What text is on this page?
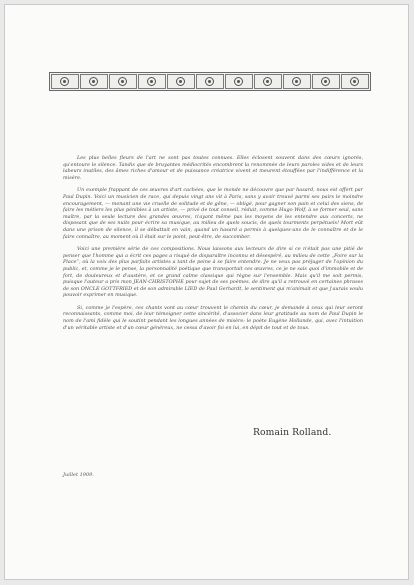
Les plus belles fleurs de l'art ne sont pas toutes connues. Elles éclosent souvent dans des cœurs ignorés, qu'entoure le silence. Tandis que de bruyantes médiocrités encombrent la renommée de leurs paroles vides et de leurs labeurs inutiles, des âmes riches d'amour et de puissance créatrice vivent et meurent étouffées par l'indifférence et la misère.

Un exemple frappant de ces œuvres d'art cachées, que le monde ne découvre que par hasard, nous est offert par Paul Dupin. Voici un musicien de race, qui depuis vingt ans vit à Paris, sans y avoir trouvé parmi ses pairs le moindre encouragement, — menant une vie cruelle de solitude et de gêne, — obligé, pour gagner son pain et celui des siens, de faire les métiers les plus pénibles à un artiste, — privé de tout conseil, réduit, comme Hugo Wolf, à se former seul, sans maître, par la seule lecture des grandes œuvres, n'ayant même pas les moyens de les entendre aux concerts, ne disposant que de ses nuits pour écrire sa musique, au milieu de quels soucis, de quels tourments perpétuels! Mort eût dans une prison de silence, il se débattait en vain, quand un hasard a permis à quelques-uns de le connaître et de le faire connaître, au moment où il était sur le point, peut-être, de succomber.

Voici une première série de ces compositions. Nous laissons aux lecteurs de dire si ce n'était pas une pitié de penser que l'homme qui a écrit ces pages a risqué de disparaître inconnu et désespéré, au milieu de cette „Foire sur la Place“, où la voix des plus parfaits artistes a tant de peine à se faire entendre. Je ne veux pas préjuger de l'opinion du public, et, comme je le pense, la personnalité poétique que transportait ces œuvres, ce je ne sais quoi d'immobile et de fort, de douleureux et d'austère, et ce grand calme classique qui règne sur l'ensemble. Mais qu'il me soit permis, puisque l'auteur a pris mon JEAN-CHRISTOPHE pour sujet de ses poèmes, de dire qu'il a retrouvé en certaines phrases de son ONCLE GOTTFRIED et de son admirable LIED de Paul Gerhardt, le sentiment qui m'animait et que j'aurais voulu pouvoir exprimer en musique.

Si, comme je l'espère, ces chants vont au cœur trouvent le chemin du cœur, je demande à ceux qui leur seront reconnaissants, comme moi, de leur témoigner cette sincérité, d'associer dans leur gratitude au nom de Paul Dupin le nom de l'ami fidèle qui le soutint pendant les longues années de misère: le poète Eugène Hollande, qui, avec l'intuition d'un véritable artiste et d'un cœur généreux, ne cessa d'avoir foi en lui, en dépit de tout et de tous.

Romain Rolland.
Juillet 1909.
